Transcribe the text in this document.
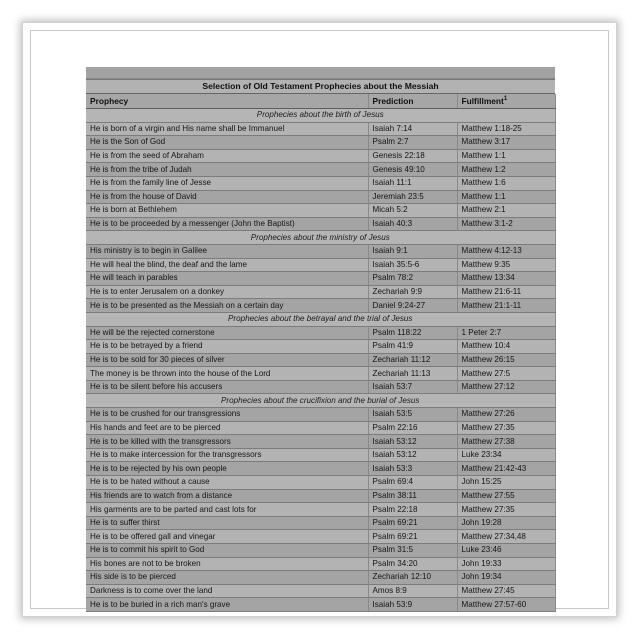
Selection of Old Testament Prophecies about the Messiah
Prophecy	Prediction	Fulfillment$^1$
Prophecies about the birth of Jesus		
He is born of a virgin and His name shall be Immanuel	Isaiah 7:14	Matthew 1:18-25
He is the Son of God	Psalm 2:7	Matthew 3:17
He is from the seed of Abraham	Genesis 22:18	Matthew 1:1
He is from the tribe of Judah	Genesis 49:10	Matthew 1:2
He is from the family line of Jesse	Isaiah 11:1	Matthew 1:6
He is from the house of David	Jeremiah 23:5	Matthew 1:1
He is born at Bethlehem	Micah 5:2	Matthew 2:1
He is to be proceeded by a messenger (John the Baptist)	Isaiah 40:3	Matthew 3:1-2
Prophecies about the ministry of Jesus		
His ministry is to begin in Galilee	Isaiah 9:1	Matthew 4:12-13
He will heal the blind, the deaf and the lame	Isaiah 35:5-6	Matthew 9:35
He will teach in parables	Psalm 78:2	Matthew 13:34
He is to enter Jerusalem on a donkey	Zechariah 9:9	Matthew 21:6-11
He is to be presented as the Messiah on a certain day	Daniel 9:24-27	Matthew 21:1-11
Prophecies about the betrayal and the trial of Jesus		
He will be the rejected cornerstone	Psalm 118:22	1 Peter 2:7
He is to be betrayed by a friend	Psalm 41:9	Matthew 10:4
He is to be sold for 30 pieces of silver	Zechariah 11:12	Matthew 26:15
The money is be thrown into the house of the Lord	Zechariah 11:13	Matthew 27:5
He is to be silent before his accusers	Isaiah 53:7	Matthew 27:12
Prophecies about the crucifixion and the burial of Jesus		
He is to be crushed for our transgressions	Isaiah 53:5	Matthew 27:26
His hands and feet are to be pierced	Psalm 22:16	Matthew 27:35
He is to be killed with the transgressors	Isaiah 53:12	Matthew 27:38
He is to make intercession for the transgressors	Isaiah 53:12	Luke 23:34
He is to be rejected by his own people	Isaiah 53:3	Matthew 21:42-43
He is to be hated without a cause	Psalm 69:4	John 15:25
His friends are to watch from a distance	Psalm 38:11	Matthew 27:55
His garments are to be parted and cast lots for	Psalm 22:18	Matthew 27:35
He is to suffer thirst	Psalm 69:21	John 19:28
He is to be offered gall and vinegar	Psalm 69:21	Matthew 27:34,48
He is to commit his spirit to God	Psalm 31:5	Luke 23:46
His bones are not to be broken	Psalm 34:20	John 19:33
His side is to be pierced	Zechariah 12:10	John 19:34
Darkness is to come over the land	Amos 8:9	Matthew 27:45
He is to be buried in a rich man's grave	Isaiah 53:9	Matthew 27:57-60
